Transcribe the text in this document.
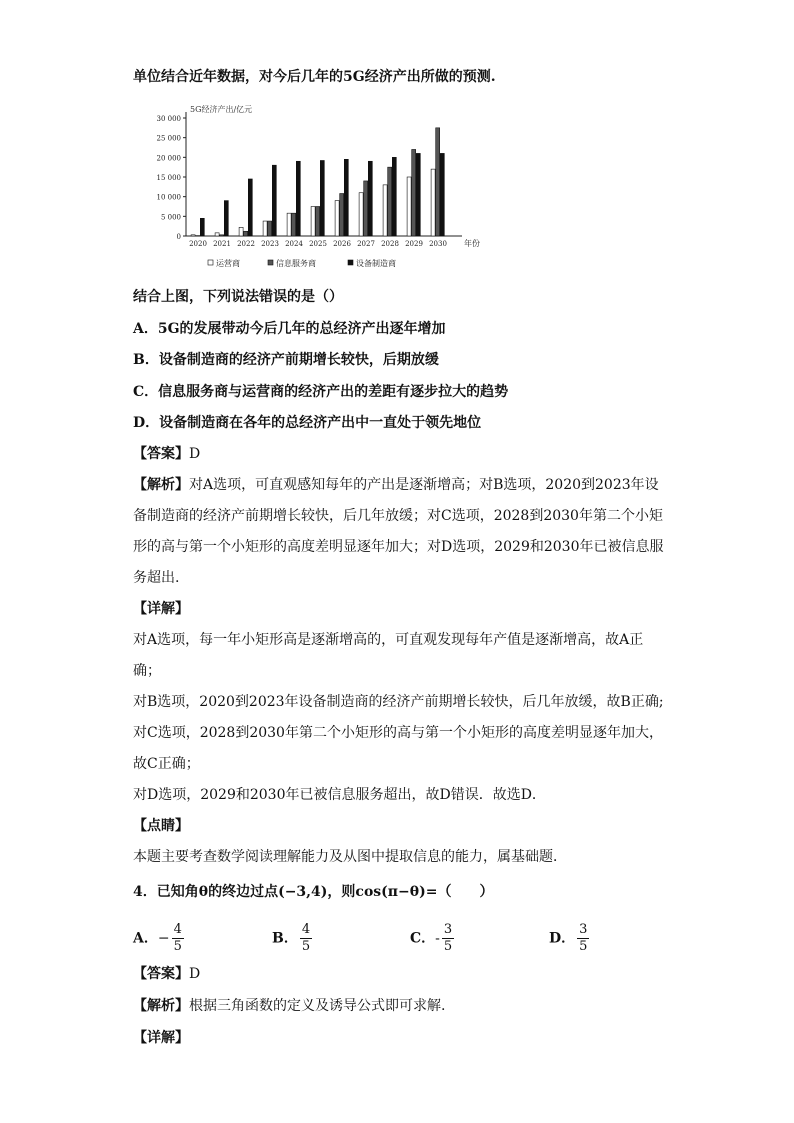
单位结合近年数据，对今后几年的5G经济产出所做的预测.
5G经济产出/亿元
0
5 000
10 000
15 000
20 000
25 000
30 000
2020 2021 2022 2023 2024 2025 2026 2027 2028 2029 2030 年份
运营商	信息服务商	设备制造商
结合上图，下列说法错误的是（）
A．5G的发展带动今后几年的总经济产出逐年增加
B．设备制造商的经济产前期增长较快，后期放缓
C．信息服务商与运营商的经济产出的差距有逐步拉大的趋势
D．设备制造商在各年的总经济产出中一直处于领先地位
【答案】D
【解析】对A选项，可直观感知每年的产出是逐渐增高；对B选项，2020到2023年设
备制造商的经济产前期增长较快，后几年放缓；对C选项，2028到2030年第二个小矩
形的高与第一个小矩形的高度差明显逐年加大；对D选项，2029和2030年已被信息服
务超出.
【详解】
对A选项，每一年小矩形高是逐渐增高的，可直观发现每年产值是逐渐增高，故A正
确；
对B选项，2020到2023年设备制造商的经济产前期增长较快，后几年放缓，故B正确;
对C选项，2028到2030年第二个小矩形的高与第一个小矩形的高度差明显逐年加大，
故C正确；
对D选项，2029和2030年已被信息服务超出，故D错误．故选D．
【点睛】
本题主要考查数学阅读理解能力及从图中提取信息的能力，属基础题．
4．已知角θ的终边过点(−3,4)，则cos(π−θ)=（　　）
A．− $\frac{4}{5}$	B． $\frac{4}{5}$	C．- $\frac{3}{5}$	D． $\frac{3}{5}$
【答案】D
【解析】根据三角函数的定义及诱导公式即可求解.
【详解】
